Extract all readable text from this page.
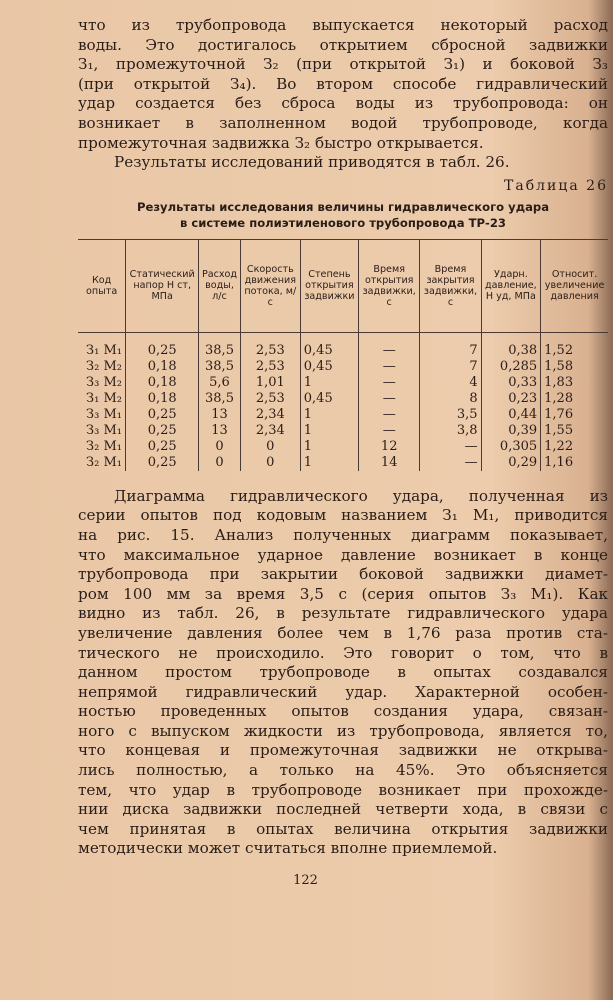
что из трубопровода выпускается некоторый расход
воды. Это достигалось открытием сбросной задвижки
З₁, промежуточной З₂ (при открытой З₁) и боковой З₃
(при открытой З₄). Во втором способе гидравлический
удар создается без сброса воды из трубопровода: он
возникает в заполненном водой трубопроводе, когда
промежуточная задвижка З₂ быстро открывается.
Результаты исследований приводятся в табл. 26.
Таблица 26
Результаты исследования величины гидравлического удара
в системе полиэтиленового трубопровода ТР-23
Код опыта	Статический напор Н ст, МПа	Расход воды, л/с	Скорость движения потока, м/с	Степень открытия задвижки	Время открытия задвижки, с	Время закрытия задвижки, с	Ударн. давление, Н уд, МПа	Относит. увеличение давления

З₁ М₁	0,25	38,5	2,53	0,45	—	7	0,38	1,52
З₂ М₂	0,18	38,5	2,53	0,45	—	7	0,285	1,58
З₃ М₂	0,18	5,6	1,01	1	—	4	0,33	1,83
З₁ М₂	0,18	38,5	2,53	0,45	—	8	0,23	1,28
З₃ М₁	0,25	13	2,34	1	—	3,5	0,44	1,76
З₃ М₁	0,25	13	2,34	1	—	3,8	0,39	1,55
З₂ М₁	0,25	0	0	1	12	—	0,305	1,22
З₂ М₁	0,25	0	0	1	14	—	0,29	1,16
Диаграмма гидравлического удара, полученная из
серии опытов под кодовым названием З₁ М₁, приводится
на рис. 15. Анализ полученных диаграмм показывает,
что максимальное ударное давление возникает в конце
трубопровода при закрытии боковой задвижки диамет-
ром 100 мм за время 3,5 с (серия опытов З₃ М₁). Как
видно из табл. 26, в результате гидравлического удара
увеличение давления более чем в 1,76 раза против ста-
тического не происходило. Это говорит о том, что в
данном простом трубопроводе в опытах создавался
непрямой гидравлический удар. Характерной особен-
ностью проведенных опытов создания удара, связан-
ного с выпуском жидкости из трубопровода, является то,
что концевая и промежуточная задвижки не открыва-
лись полностью, а только на 45%. Это объясняется
тем, что удар в трубопроводе возникает при прохожде-
нии диска задвижки последней четверти хода, в связи с
чем принятая в опытах величина открытия задвижки
методически может считаться вполне приемлемой.
122
